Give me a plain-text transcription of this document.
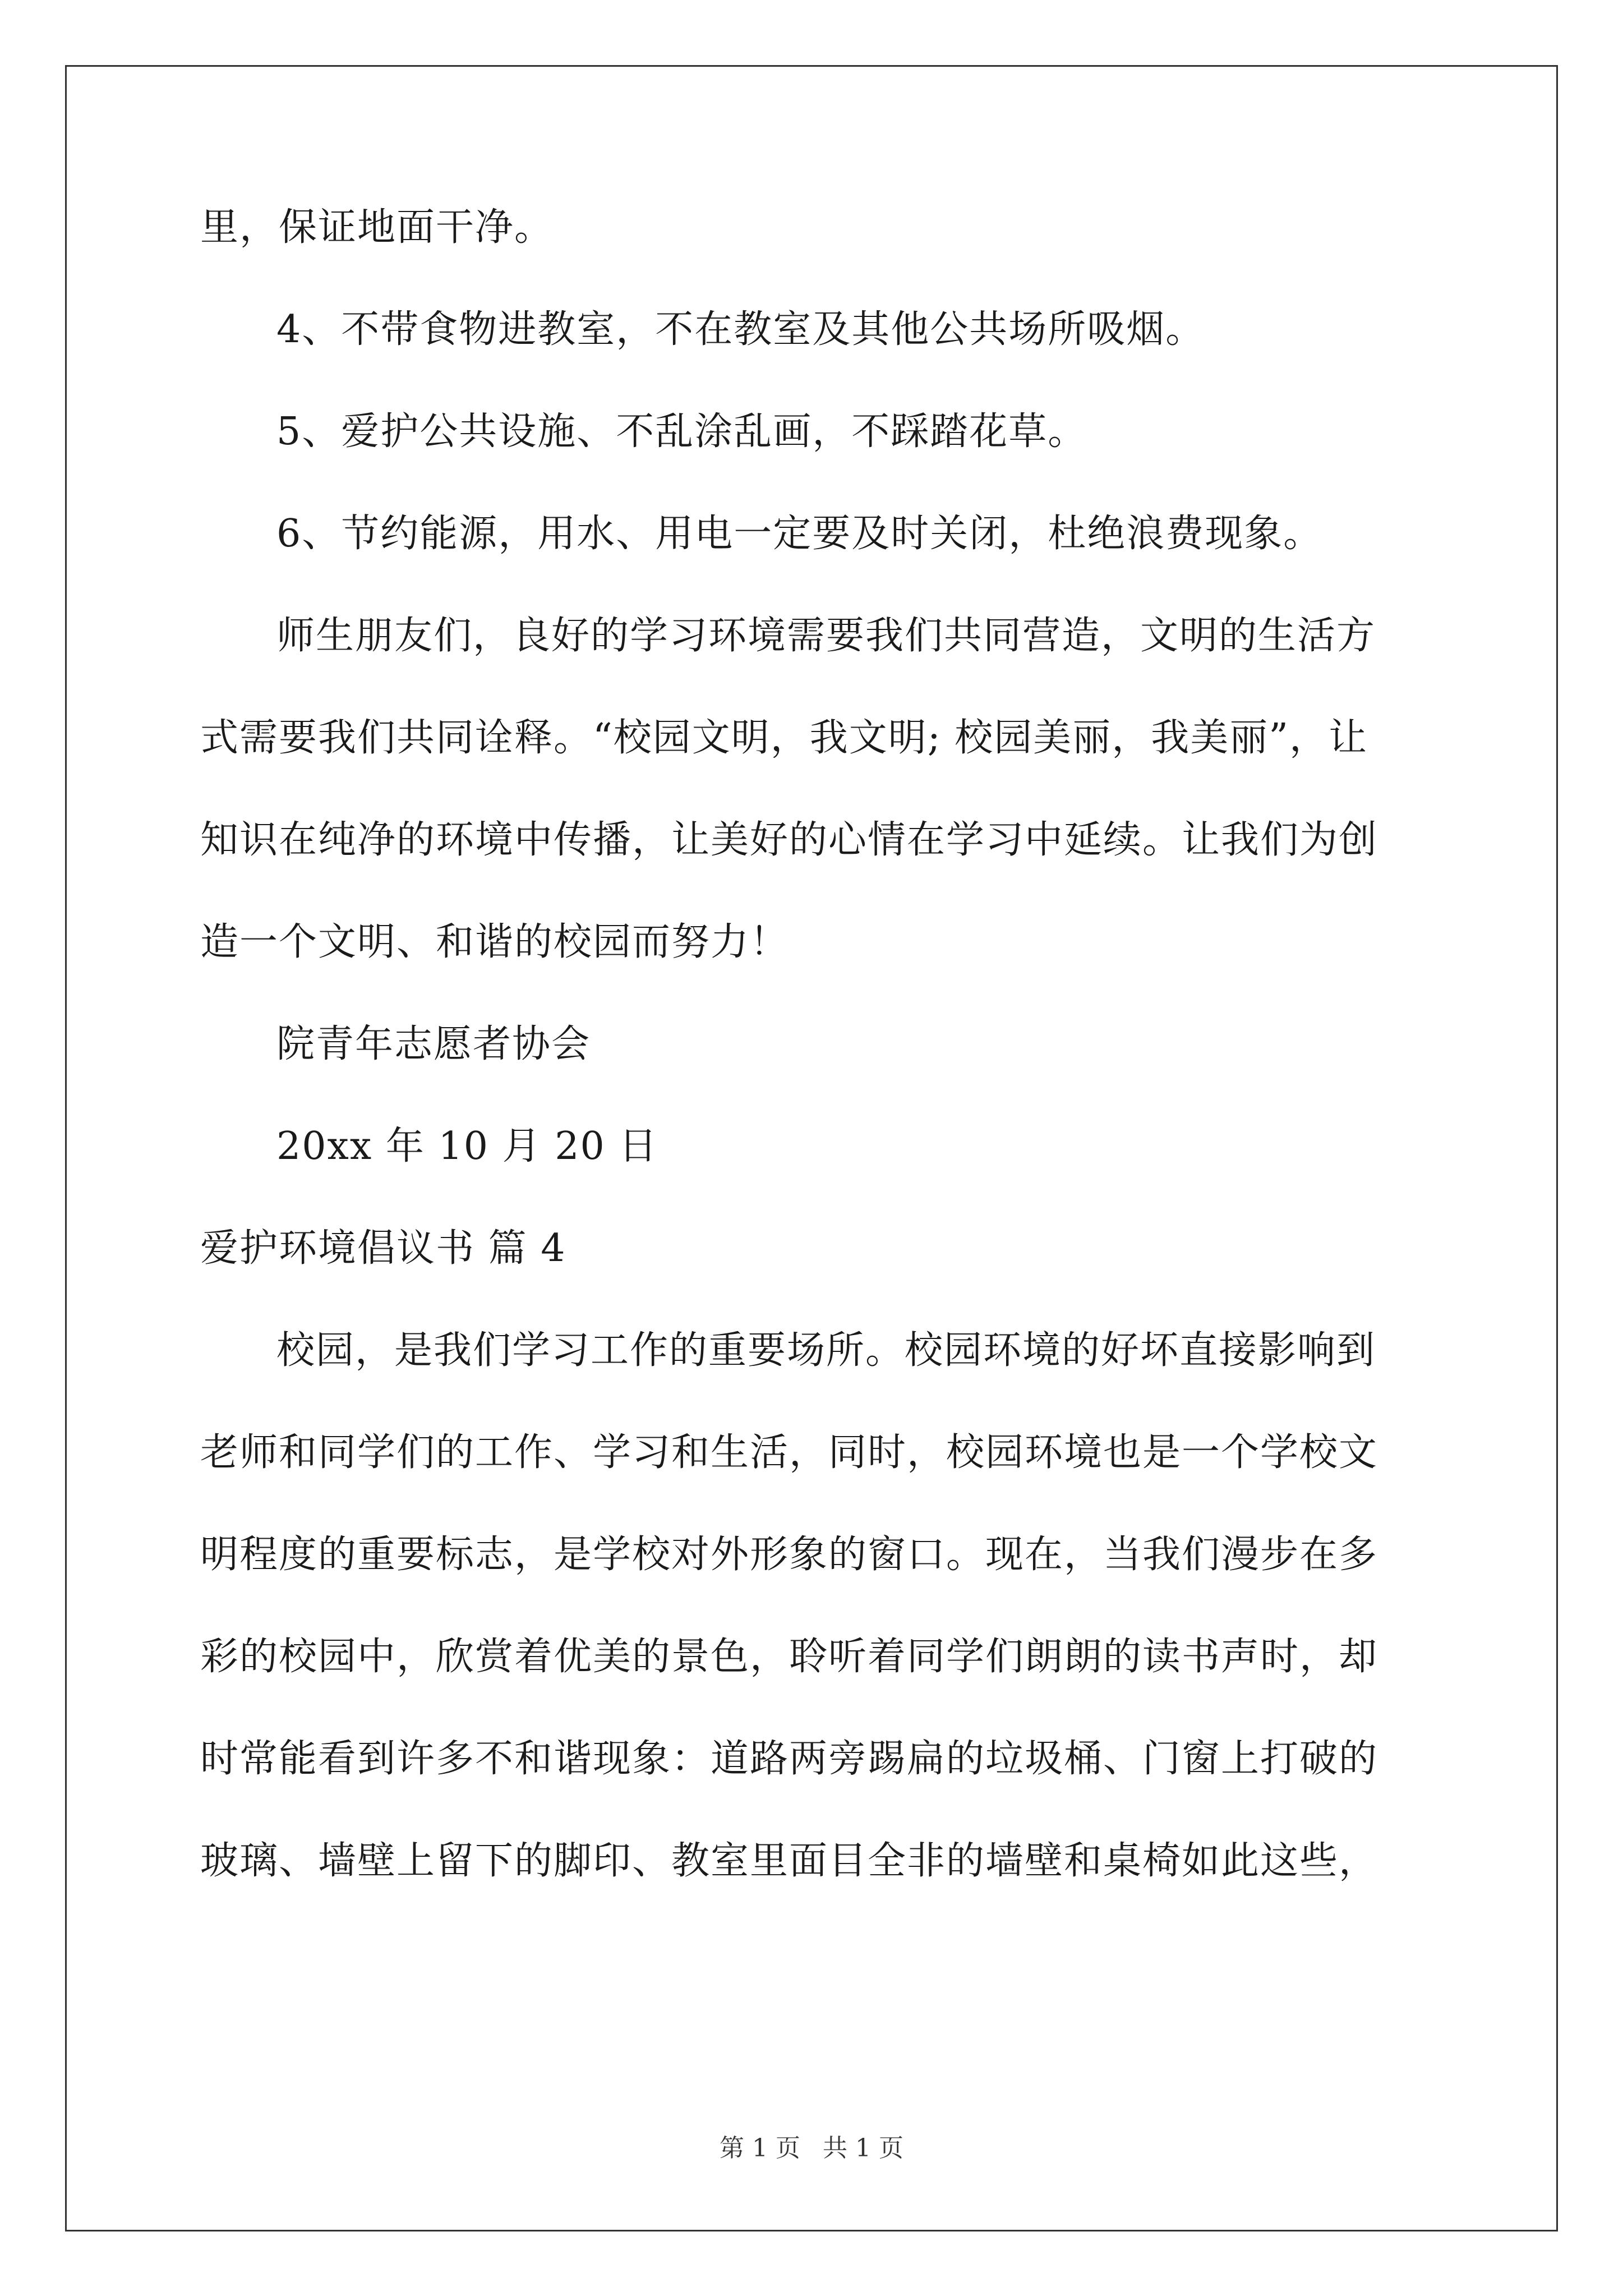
里，保证地面干净。
4、不带食物进教室，不在教室及其他公共场所吸烟。
5、爱护公共设施、不乱涂乱画，不踩踏花草。
6、节约能源，用水、用电一定要及时关闭，杜绝浪费现象。
师生朋友们，良好的学习环境需要我们共同营造，文明的生活方
式需要我们共同诠释。“校园文明，我文明; 校园美丽，我美丽”，让
知识在纯净的环境中传播，让美好的心情在学习中延续。让我们为创
造一个文明、和谐的校园而努力！
院青年志愿者协会
20xx 年 10 月 20 日
爱护环境倡议书 篇 4
校园，是我们学习工作的重要场所。校园环境的好坏直接影响到
老师和同学们的工作、学习和生活，同时，校园环境也是一个学校文
明程度的重要标志，是学校对外形象的窗口。现在，当我们漫步在多
彩的校园中，欣赏着优美的景色，聆听着同学们朗朗的读书声时，却
时常能看到许多不和谐现象：道路两旁踢扁的垃圾桶、门窗上打破的
玻璃、墙壁上留下的脚印、教室里面目全非的墙壁和桌椅如此这些，
第 1 页 共 1 页
